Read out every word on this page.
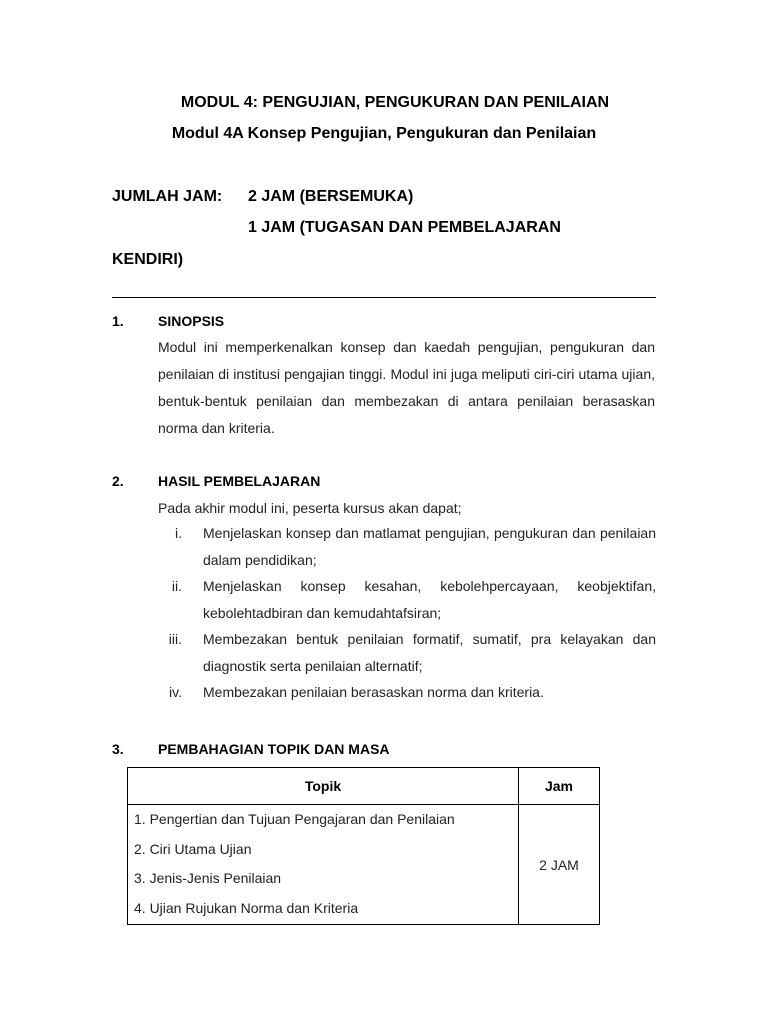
MODUL 4: PENGUJIAN, PENGUKURAN DAN PENILAIAN
Modul 4A Konsep Pengujian, Pengukuran dan Penilaian
JUMLAH JAM: 2 JAM (BERSEMUKA)
1 JAM (TUGASAN DAN PEMBELAJARAN
KENDIRI)
1. SINOPSIS
Modul ini memperkenalkan konsep dan kaedah pengujian, pengukuran dan penilaian di institusi pengajian tinggi. Modul ini juga meliputi ciri-ciri utama ujian, bentuk-bentuk penilaian dan membezakan di antara penilaian berasaskan norma dan kriteria.
2. HASIL PEMBELAJARAN
Pada akhir modul ini, peserta kursus akan dapat;
i. Menjelaskan konsep dan matlamat pengujian, pengukuran dan penilaian dalam pendidikan;
ii. Menjelaskan konsep kesahan, kebolehpercayaan, keobjektifan, kebolehtadbiran dan kemudahtafsiran;
iii. Membezakan bentuk penilaian formatif, sumatif, pra kelayakan dan diagnostik serta penilaian alternatif;
iv. Membezakan penilaian berasaskan norma dan kriteria.
3. PEMBAHAGIAN TOPIK DAN MASA
Topik	Jam

1. Pengertian dan Tujuan Pengajaran dan Penilaian
2. Ciri Utama Ujian
3. Jenis-Jenis Penilaian
4. Ujian Rujukan Norma dan Kriteria	2 JAM
